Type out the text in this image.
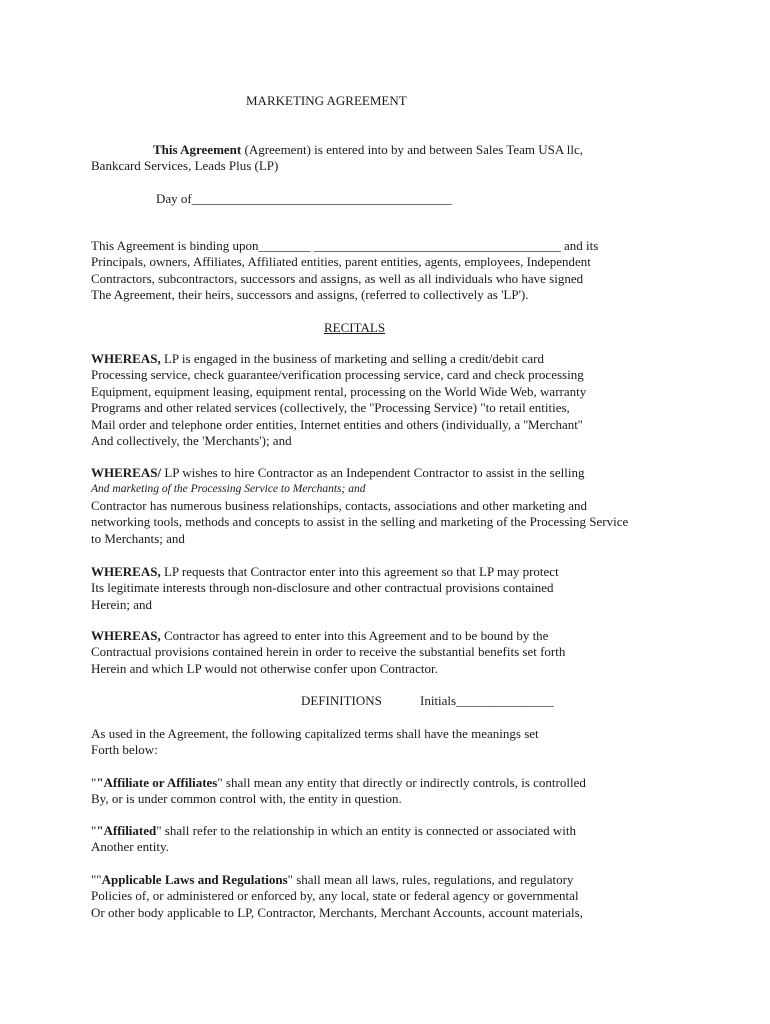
MARKETING AGREEMENT

This Agreement (Agreement) is entered into by and between Sales Team USA llc,

Bankcard Services, Leads Plus (LP)

Day of________________________________________

This Agreement is binding upon________ ______________________________________ and its
Principals, owners, Affiliates, Affiliated entities, parent entities, agents, employees, Independent
Contractors, subcontractors, successors and assigns, as well as all individuals who have signed
The Agreement, their heirs, successors and assigns, (referred to collectively as 'LP').

RECITALS

WHEREAS, LP is engaged in the business of marketing and selling a credit/debit card
Processing service, check guarantee/verification processing service, card and check processing
Equipment, equipment leasing, equipment rental, processing on the World Wide Web, warranty
Programs and other related services (collectively, the ''Processing Service) "to retail entities,
Mail order and telephone order entities, Internet entities and others (individually, a ''Merchant''
And collectively, the 'Merchants'); and
WHEREAS/ LP wishes to hire Contractor as an Independent Contractor to assist in the selling
And marketing of the Processing Service to Merchants; and
Contractor has numerous business relationships, contacts, associations and other marketing and
networking tools, methods and concepts to assist in the selling and marketing of the Processing Service
to Merchants; and
WHEREAS, LP requests that Contractor enter into this agreement so that LP may protect
Its legitimate interests through non-disclosure and other contractual provisions contained
Herein; and
WHEREAS, Contractor has agreed to enter into this Agreement and to be bound by the
Contractual provisions contained herein in order to receive the substantial benefits set forth
Herein and which LP would not otherwise confer upon Contractor.

DEFINITIONS	Initials_______________

As used in the Agreement, the following capitalized terms shall have the meanings set
Forth below:
""Affiliate or Affiliates" shall mean any entity that directly or indirectly controls, is controlled
By, or is under common control with, the entity in question.
""Affiliated" shall refer to the relationship in which an entity is connected or associated with
Another entity.
""Applicable Laws and Regulations" shall mean all laws, rules, regulations, and regulatory
Policies of, or administered or enforced by, any local, state or federal agency or governmental
Or other body applicable to LP, Contractor, Merchants, Merchant Accounts, account materials,
